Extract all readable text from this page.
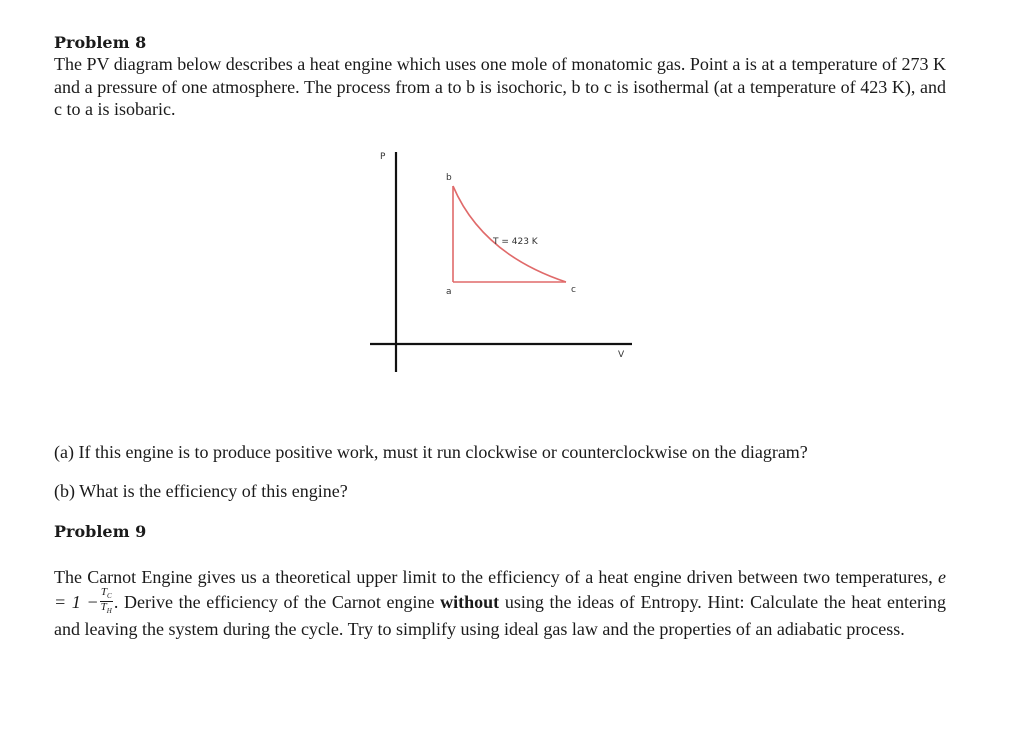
Problem 8

The PV diagram below describes a heat engine which uses one mole of monatomic gas. Point a is at a temperature of 273 K and a pressure of one atmosphere. The process from a to b is isochoric, b to c is isothermal (at a temperature of 423 K), and c to a is isobaric.

(a) If this engine is to produce positive work, must it run clockwise or counterclockwise on the diagram?
(b) What is the efficiency of this engine?
Problem 9

The Carnot Engine gives us a theoretical upper limit to the efficiency of a heat engine driven between two temperatures, $e = 1 - \frac{T_C}{T_H}$ . Derive the efficiency of the Carnot engine without using the ideas of Entropy. Hint: Calculate the heat entering and leaving the system during the cycle. Try to simplify using ideal gas law and the properties of an adiabatic process.

P
V
b
a	c
T = 423 K
